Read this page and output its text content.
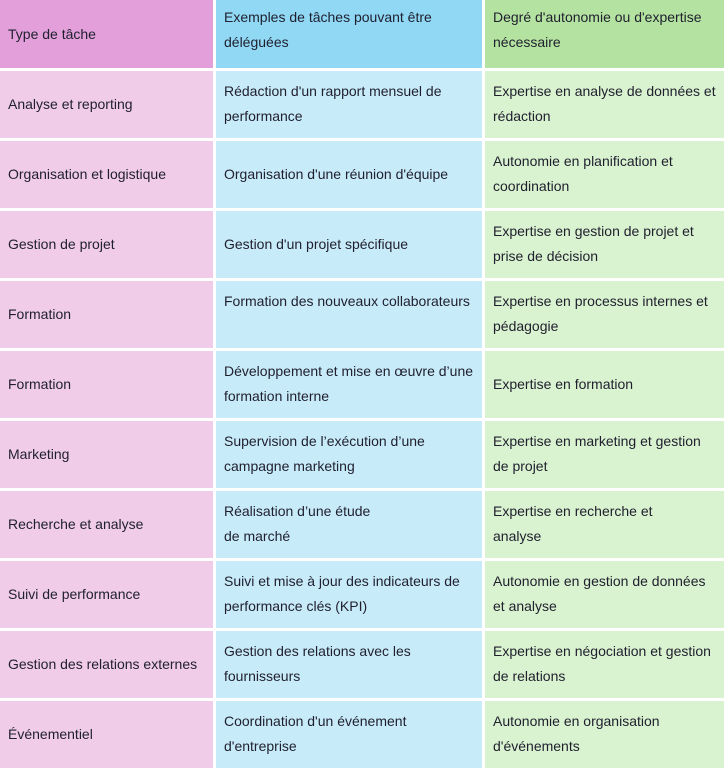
Type de tâche
Exemples de tâches pouvant être déléguées
Degré d'autonomie ou d'expertise nécessaire
Analyse et reporting
Rédaction d'un rapport mensuel de performance
Expertise en analyse de données et rédaction
Organisation et logistique	Organisation d'une réunion d'équipe
Autonomie en planification et coordination
Gestion de projet	Gestion d'un projet spécifique
Expertise en gestion de projet et prise de décision
Formation
Formation des nouveaux collaborateurs Expertise en processus internes et pédagogie
Formation
Développement et mise en œuvre d’une formation interne
Expertise en formation
Marketing
Supervision de l’exécution d’une campagne marketing
Expertise en marketing et gestion de projet
Recherche et analyse
Réalisation d’une étude de marché
Expertise en recherche et analyse
Suivi de performance
Suivi et mise à jour des indicateurs de performance clés (KPI)
Autonomie en gestion de données et analyse
Gestion des relations externes
Gestion des relations avec les fournisseurs
Expertise en négociation et gestion de relations
Événementiel
Coordination d'un événement d'entreprise
Autonomie en organisation d'événements
